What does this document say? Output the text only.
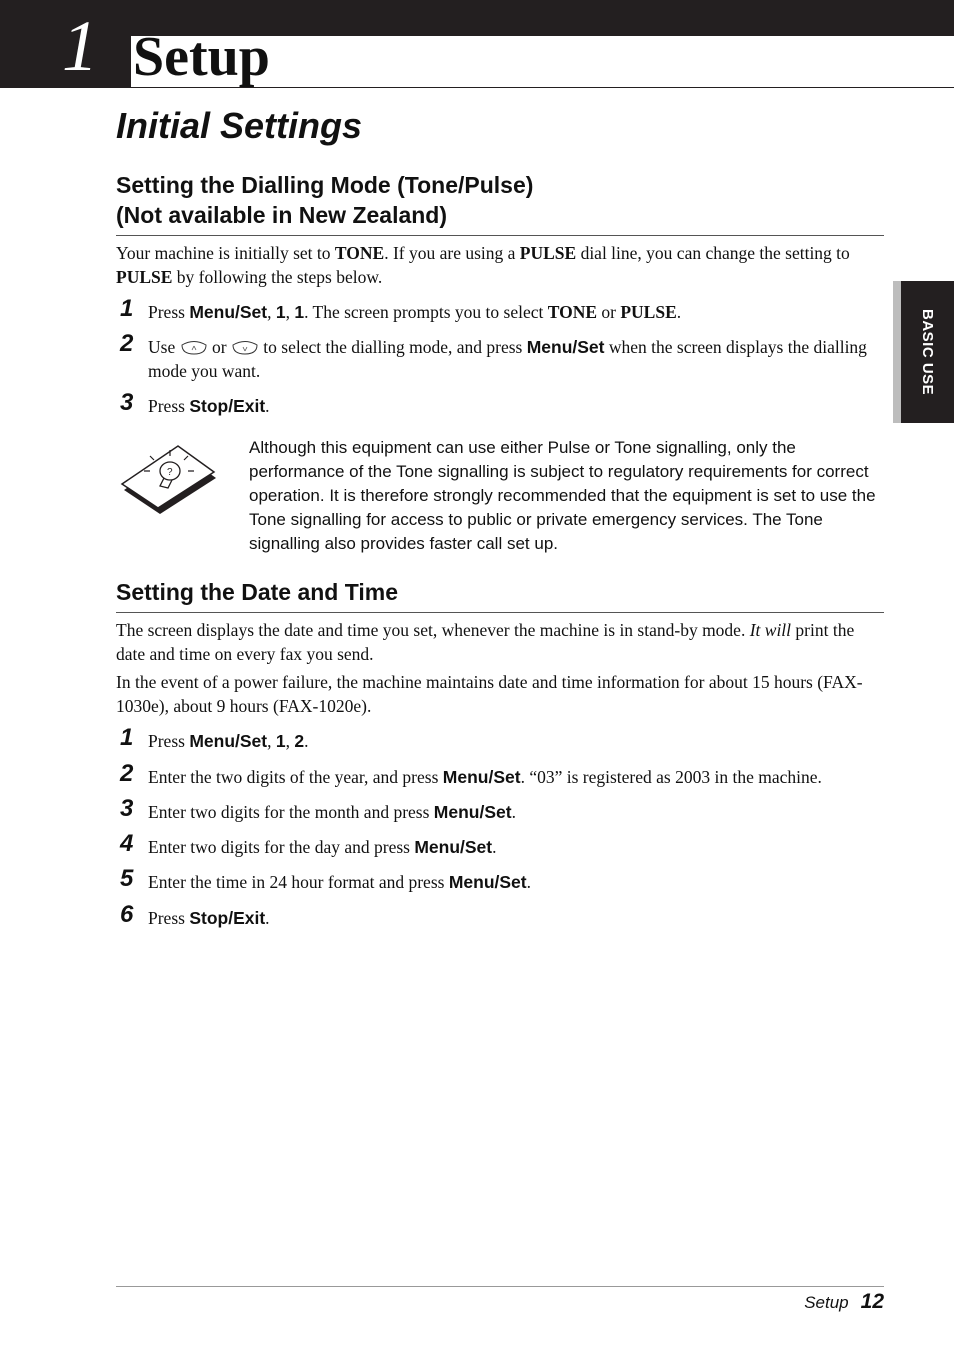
1 Setup
BASIC USE
Initial Settings
Setting the Dialling Mode (Tone/Pulse)
(Not available in New Zealand)
Your machine is initially set to TONE. If you are using a PULSE dial line, you can change the setting to PULSE by following the steps below.
1 Press Menu/Set, 1, 1. The screen prompts you to select TONE or PULSE.
2 Use  or  to select the dialling mode, and press Menu/Set when the screen displays the dialling mode you want.
3 Press Stop/Exit.
?
Although this equipment can use either Pulse or Tone signalling, only the performance of the Tone signalling is subject to regulatory requirements for correct operation. It is therefore strongly recommended that the equipment is set to use the Tone signalling for access to public or private emergency services. The Tone signalling also provides faster call set up.
Setting the Date and Time
The screen displays the date and time you set, whenever the machine is in stand-by mode. It will print the date and time on every fax you send.
In the event of a power failure, the machine maintains date and time information for about 15 hours (FAX-1030e), about 9 hours (FAX-1020e).
1 Press Menu/Set, 1, 2.
2 Enter the two digits of the year, and press Menu/Set. “03” is registered as 2003 in the machine.
3 Enter two digits for the month and press Menu/Set.
4 Enter two digits for the day and press Menu/Set.
5 Enter the time in 24 hour format and press Menu/Set.
6 Press Stop/Exit.
Setup 12
